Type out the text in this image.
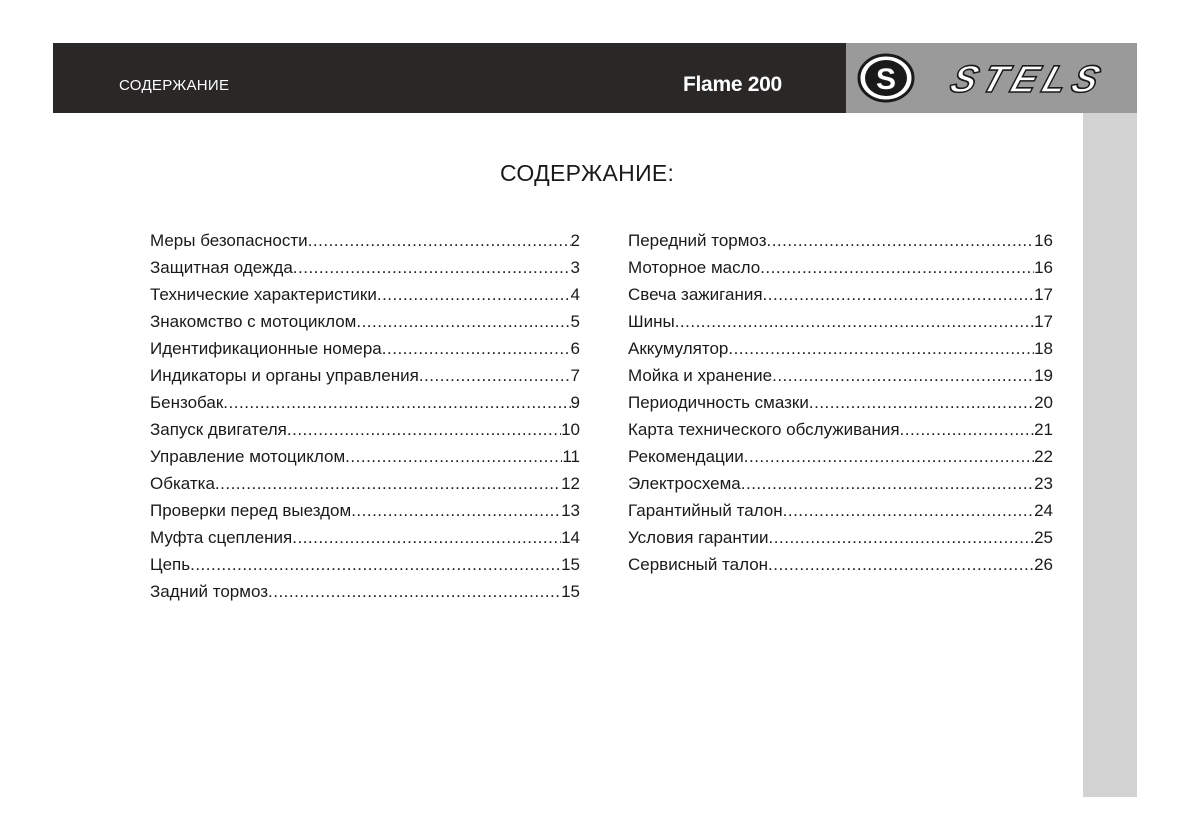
СОДЕРЖАНИЕ	Flame 200	S STELS
СОДЕРЖАНИЕ:
Меры безопасности .....	2
Защитная одежда .....	3
Технические характеристики .....	4
Знакомство с мотоциклом .....	5
Идентификационные номера .....	6
Индикаторы и органы управления .....	7
Бензобак .....	9
Запуск двигателя .....	10
Управление мотоциклом .....	11
Обкатка .....	12
Проверки перед выездом .....	13
Муфта сцепления .....	14
Цепь .....	15
Задний тормоз .....	15
Передний тормоз .....	16
Моторное масло .....	16
Свеча зажигания .....	17
Шины .....	17
Аккумулятор .....	18
Мойка и хранение .....	19
Периодичность смазки .....	20
Карта технического обслуживания .....	21
Рекомендации .....	22
Электросхема .....	23
Гарантийный талон .....	24
Условия гарантии .....	25
Сервисный талон .....	26
